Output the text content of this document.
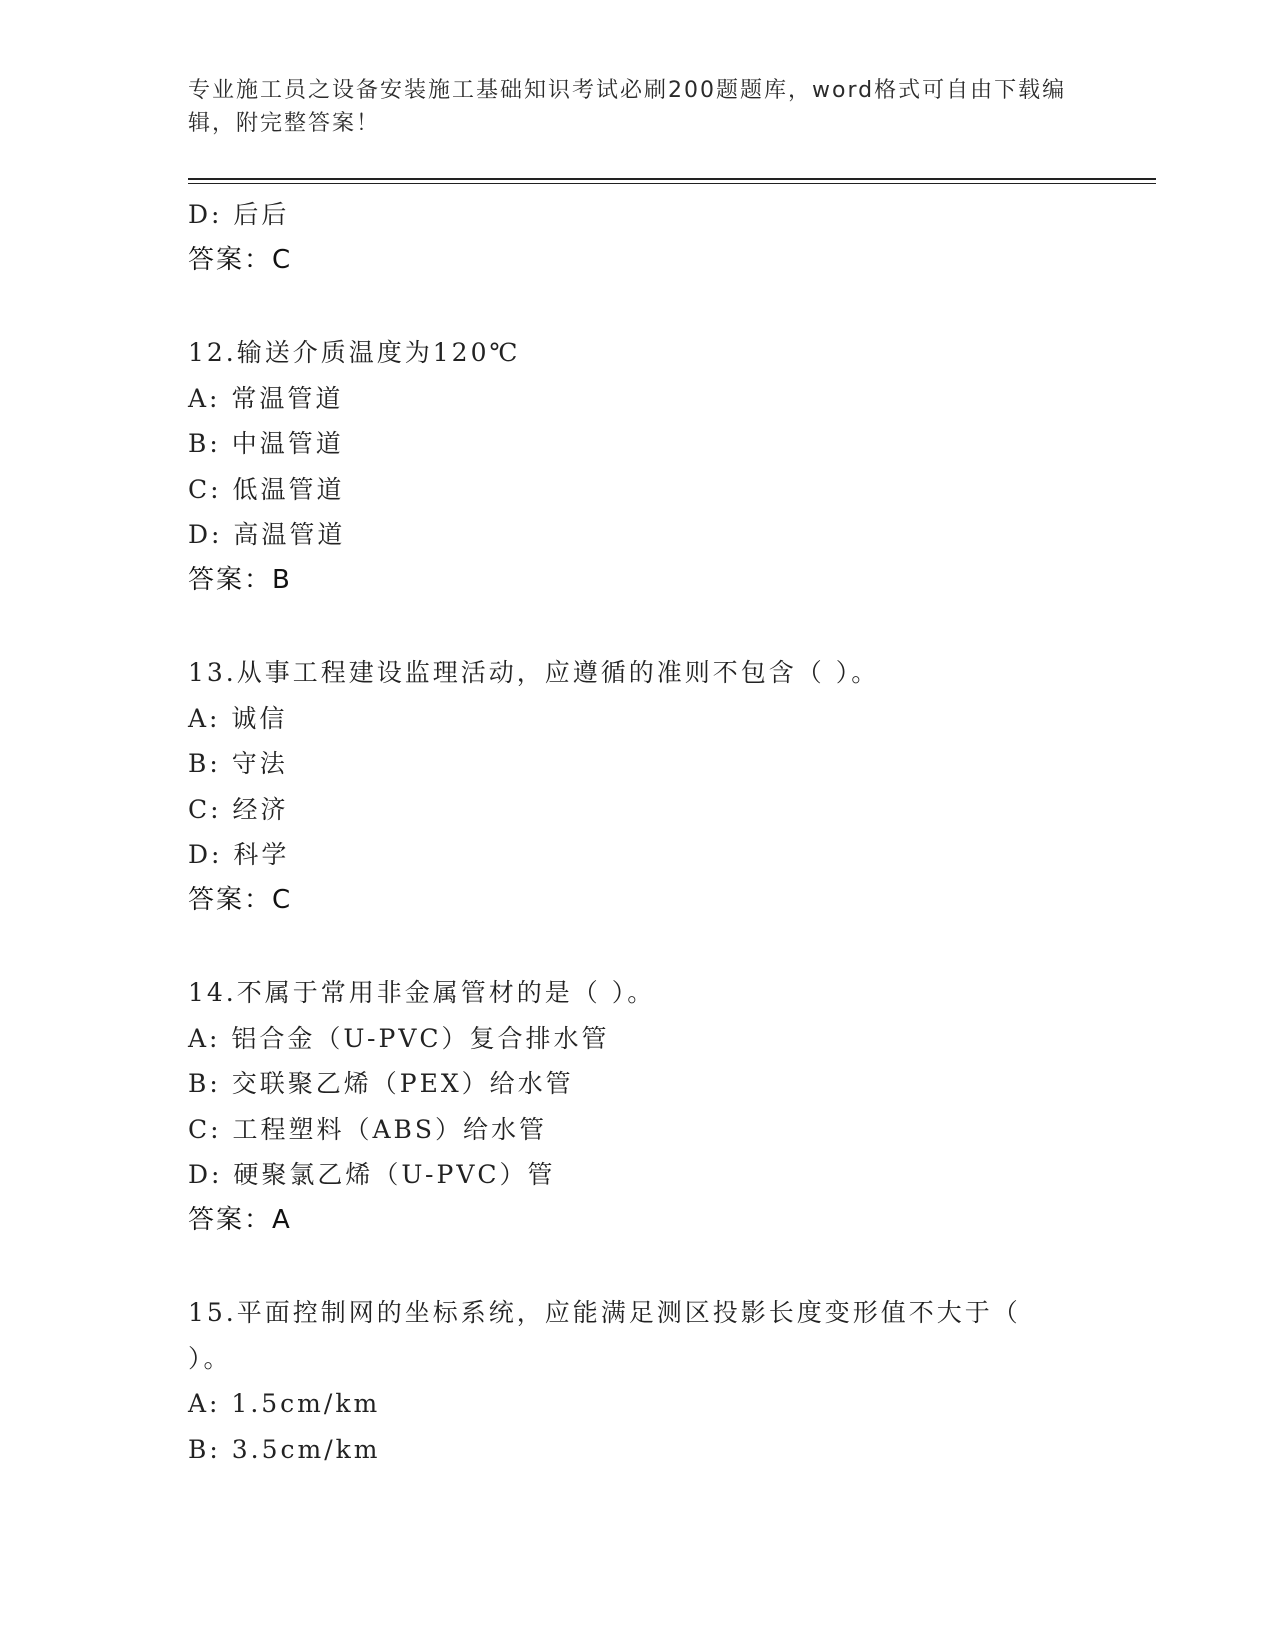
专业施工员之设备安装施工基础知识考试必刷200题题库，word格式可自由下载编辑，附完整答案！
D: 后后
答案：C
12.输送介质温度为120℃
A: 常温管道
B: 中温管道
C: 低温管道
D: 高温管道
答案：B
13.从事工程建设监理活动，应遵循的准则不包含（ ）。
A: 诚信
B: 守法
C: 经济
D: 科学
答案：C
14.不属于常用非金属管材的是（ ）。
A: 铝合金（U-PVC）复合排水管
B: 交联聚乙烯（PEX）给水管
C: 工程塑料（ABS）给水管
D: 硬聚氯乙烯（U-PVC）管
答案：A
15.平面控制网的坐标系统，应能满足测区投影长度变形值不大于（ ）。
A: 1.5cm/km
B: 3.5cm/km
